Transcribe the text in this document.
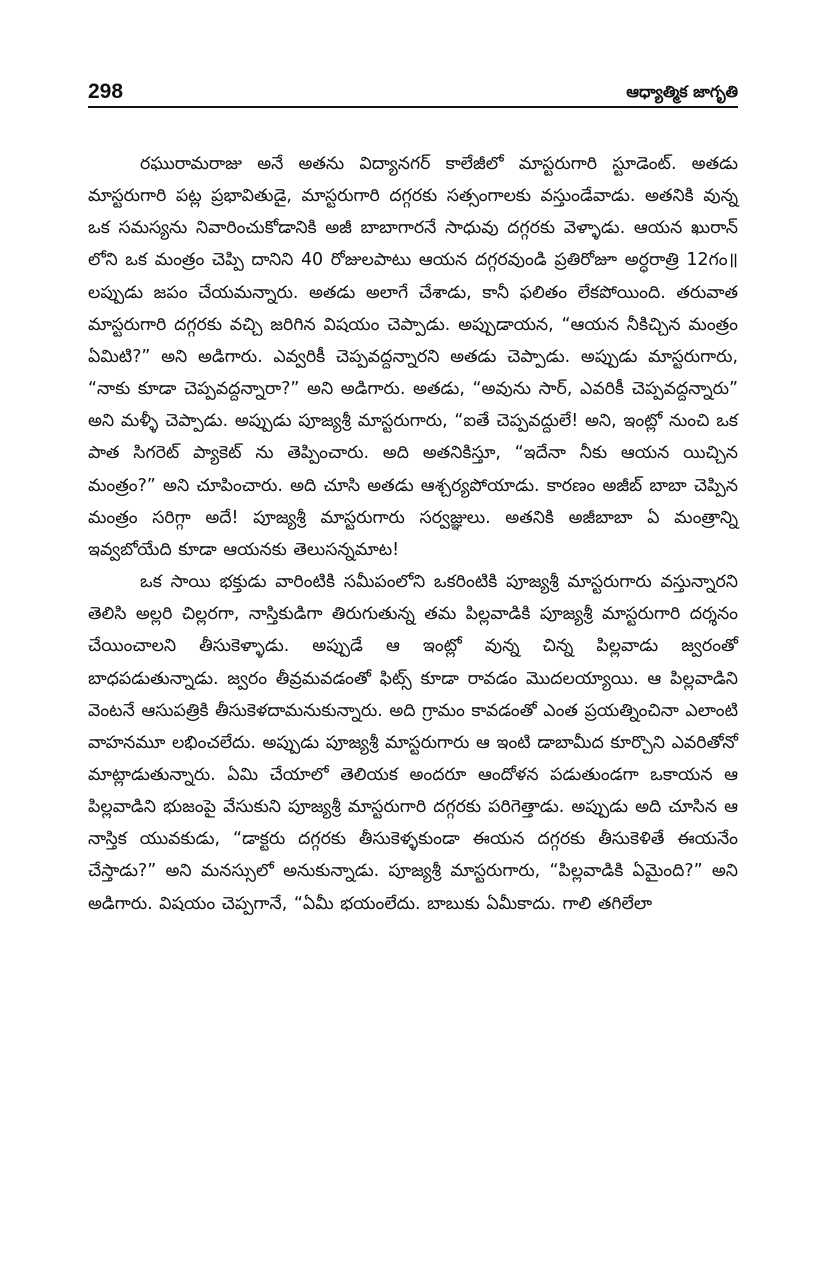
298	ఆధ్యాత్మిక జాగృతి

రఘురామరాజు అనే అతను విద్యానగర్ కాలేజీలో మాస్టరుగారి స్టూడెంట్. అతడు మాస్టరుగారి పట్ల ప్రభావితుడై, మాస్టరుగారి దగ్గరకు సత్సంగాలకు వస్తుండేవాడు. అతనికి వున్న ఒక సమస్యను నివారించుకోడానికి అజీ బాబాగారనే సాధువు దగ్గరకు వెళ్ళాడు. ఆయన ఖురాన్ లోని ఒక మంత్రం చెప్పి దానిని 40 రోజులపాటు ఆయన దగ్గరవుండి ప్రతిరోజూ అర్ధరాత్రి 12గం॥లప్పుడు జపం చేయమన్నారు. అతడు అలాగే చేశాడు, కానీ ఫలితం లేకపోయింది. తరువాత మాస్టరుగారి దగ్గరకు వచ్చి జరిగిన విషయం చెప్పాడు. అప్పుడాయన, “ఆయన నీకిచ్చిన మంత్రం ఏమిటి?” అని అడిగారు. ఎవ్వరికీ చెప్పవద్దన్నారని అతడు చెప్పాడు. అప్పుడు మాస్టరుగారు, “నాకు కూడా చెప్పవద్దన్నారా?” అని అడిగారు. అతడు, “అవును సార్, ఎవరికీ చెప్పవద్దన్నారు” అని మళ్ళీ చెప్పాడు. అప్పుడు పూజ్యశ్రీ మాస్టరుగారు, “ఐతే చెప్పవద్దులే! అని, ఇంట్లో నుంచి ఒక పాత సిగరెట్ ప్యాకెట్ ను తెప్పించారు. అది అతనికిస్తూ, “ఇదేనా నీకు ఆయన యిచ్చిన మంత్రం?” అని చూపించారు. అది చూసి అతడు ఆశ్చర్యపోయాడు. కారణం అజీబ్ బాబా చెప్పిన మంత్రం సరిగ్గా అదే! పూజ్యశ్రీ మాస్టరుగారు సర్వజ్ఞులు. అతనికి అజీబాబా ఏ మంత్రాన్ని ఇవ్వబోయేది కూడా ఆయనకు తెలుసన్నమాట!

ఒక సాయి భక్తుడు వారింటికి సమీపంలోని ఒకరింటికి పూజ్యశ్రీ మాస్టరుగారు వస్తున్నారని తెలిసి అల్లరి చిల్లరగా, నాస్తికుడిగా తిరుగుతున్న తమ పిల్లవాడికి పూజ్యశ్రీ మాస్టరుగారి దర్శనం చేయించాలని తీసుకెళ్ళాడు. అప్పుడే ఆ ఇంట్లో వున్న చిన్న పిల్లవాడు జ్వరంతో బాధపడుతున్నాడు. జ్వరం తీవ్రమవడంతో ఫిట్స్ కూడా రావడం మొదలయ్యాయి. ఆ పిల్లవాడిని వెంటనే ఆసుపత్రికి తీసుకెళదామనుకున్నారు. అది గ్రామం కావడంతో ఎంత ప్రయత్నించినా ఎలాంటి వాహనమూ లభించలేదు. అప్పుడు పూజ్యశ్రీ మాస్టరుగారు ఆ ఇంటి డాబామీద కూర్చొని ఎవరితోనో మాట్లాడుతున్నారు. ఏమి చేయాలో తెలియక అందరూ ఆందోళన పడుతుండగా ఒకాయన ఆ పిల్లవాడిని భుజంపై వేసుకుని పూజ్యశ్రీ మాస్టరుగారి దగ్గరకు పరిగెత్తాడు. అప్పుడు అది చూసిన ఆ నాస్తిక యువకుడు, “డాక్టరు దగ్గరకు తీసుకెళ్ళకుండా ఈయన దగ్గరకు తీసుకెళితే ఈయనేం చేస్తాడు?” అని మనస్సులో అనుకున్నాడు. పూజ్యశ్రీ మాస్టరుగారు, “పిల్లవాడికి ఏమైంది?” అని అడిగారు. విషయం చెప్పగానే, “ఏమీ భయంలేదు. బాబుకు ఏమీకాదు. గాలి తగిలేలా
